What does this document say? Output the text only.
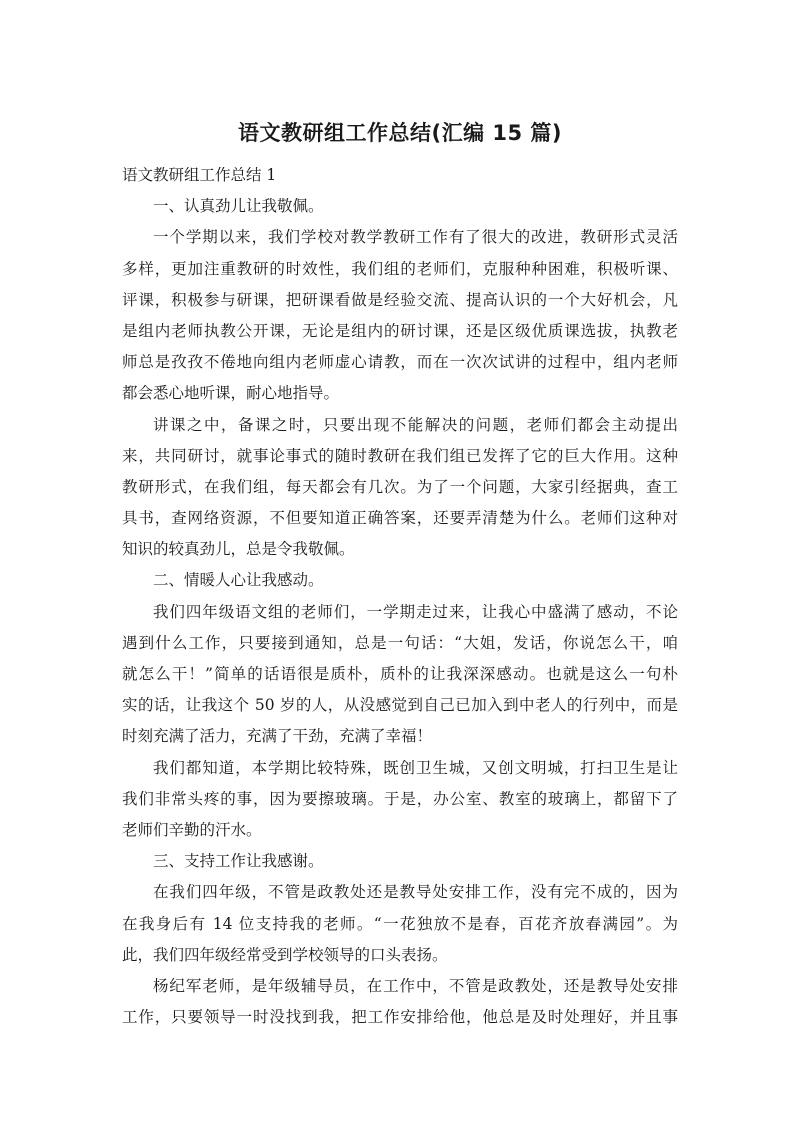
语文教研组工作总结(汇编 15 篇)
语文教研组工作总结 1
一、认真劲儿让我敬佩。
一个学期以来，我们学校对教学教研工作有了很大的改进，教研形式灵活
多样，更加注重教研的时效性，我们组的老师们，克服种种困难，积极听课、
评课，积极参与研课，把研课看做是经验交流、提高认识的一个大好机会，凡
是组内老师执教公开课，无论是组内的研讨课，还是区级优质课选拔，执教老
师总是孜孜不倦地向组内老师虚心请教，而在一次次试讲的过程中，组内老师
都会悉心地听课，耐心地指导。
讲课之中，备课之时，只要出现不能解决的问题，老师们都会主动提出
来，共同研讨，就事论事式的随时教研在我们组已发挥了它的巨大作用。这种
教研形式，在我们组，每天都会有几次。为了一个问题，大家引经据典，查工
具书，查网络资源，不但要知道正确答案，还要弄清楚为什么。老师们这种对
知识的较真劲儿，总是令我敬佩。
二、情暖人心让我感动。
我们四年级语文组的老师们，一学期走过来，让我心中盛满了感动，不论
遇到什么工作，只要接到通知，总是一句话：“大姐，发话，你说怎么干，咱
就怎么干！”简单的话语很是质朴，质朴的让我深深感动。也就是这么一句朴
实的话，让我这个 50 岁的人，从没感觉到自己已加入到中老人的行列中，而是
时刻充满了活力，充满了干劲，充满了幸福！
我们都知道，本学期比较特殊，既创卫生城，又创文明城，打扫卫生是让
我们非常头疼的事，因为要擦玻璃。于是，办公室、教室的玻璃上，都留下了
老师们辛勤的汗水。
三、支持工作让我感谢。
在我们四年级，不管是政教处还是教导处安排工作，没有完不成的，因为
在我身后有 14 位支持我的老师。“一花独放不是春，百花齐放春满园”。为
此，我们四年级经常受到学校领导的口头表扬。
杨纪军老师，是年级辅导员，在工作中，不管是政教处，还是教导处安排
工作，只要领导一时没找到我，把工作安排给他，他总是及时处理好，并且事
